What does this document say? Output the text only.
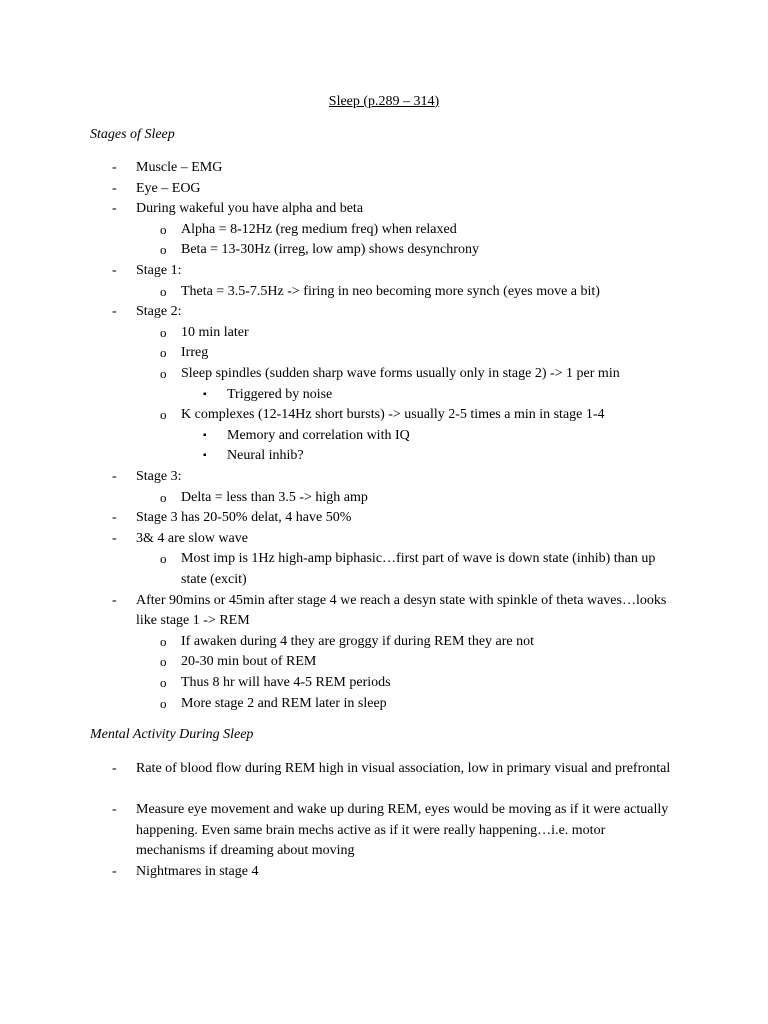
Sleep (p.289 – 314)
Stages of Sleep
- Muscle – EMG
- Eye – EOG
- During wakeful you have alpha and beta
o Alpha = 8-12Hz (reg medium freq) when relaxed
o Beta = 13-30Hz (irreg, low amp) shows desynchrony
- Stage 1:
o Theta = 3.5-7.5Hz -> firing in neo becoming more synch (eyes move a bit)
- Stage 2:
o 10 min later
o Irreg
o Sleep spindles (sudden sharp wave forms usually only in stage 2) -> 1 per min
▪ Triggered by noise
o K complexes (12-14Hz short bursts) -> usually 2-5 times a min in stage 1-4
▪ Memory and correlation with IQ
▪ Neural inhib?
- Stage 3:
o Delta = less than 3.5 -> high amp
- Stage 3 has 20-50% delat, 4 have 50%
- 3& 4 are slow wave
o Most imp is 1Hz high-amp biphasic…first part of wave is down state (inhib) than up state (excit)
- After 90mins or 45min after stage 4 we reach a desyn state with spinkle of theta waves…looks like stage 1 -> REM
o If awaken during 4 they are groggy if during REM they are not
o 20-30 min bout of REM
o Thus 8 hr will have 4-5 REM periods
o More stage 2 and REM later in sleep
Mental Activity During Sleep
- Rate of blood flow during REM high in visual association, low in primary visual and prefrontal
- Measure eye movement and wake up during REM, eyes would be moving as if it were actually happening. Even same brain mechs active as if it were really happening…i.e. motor mechanisms if dreaming about moving
- Nightmares in stage 4
